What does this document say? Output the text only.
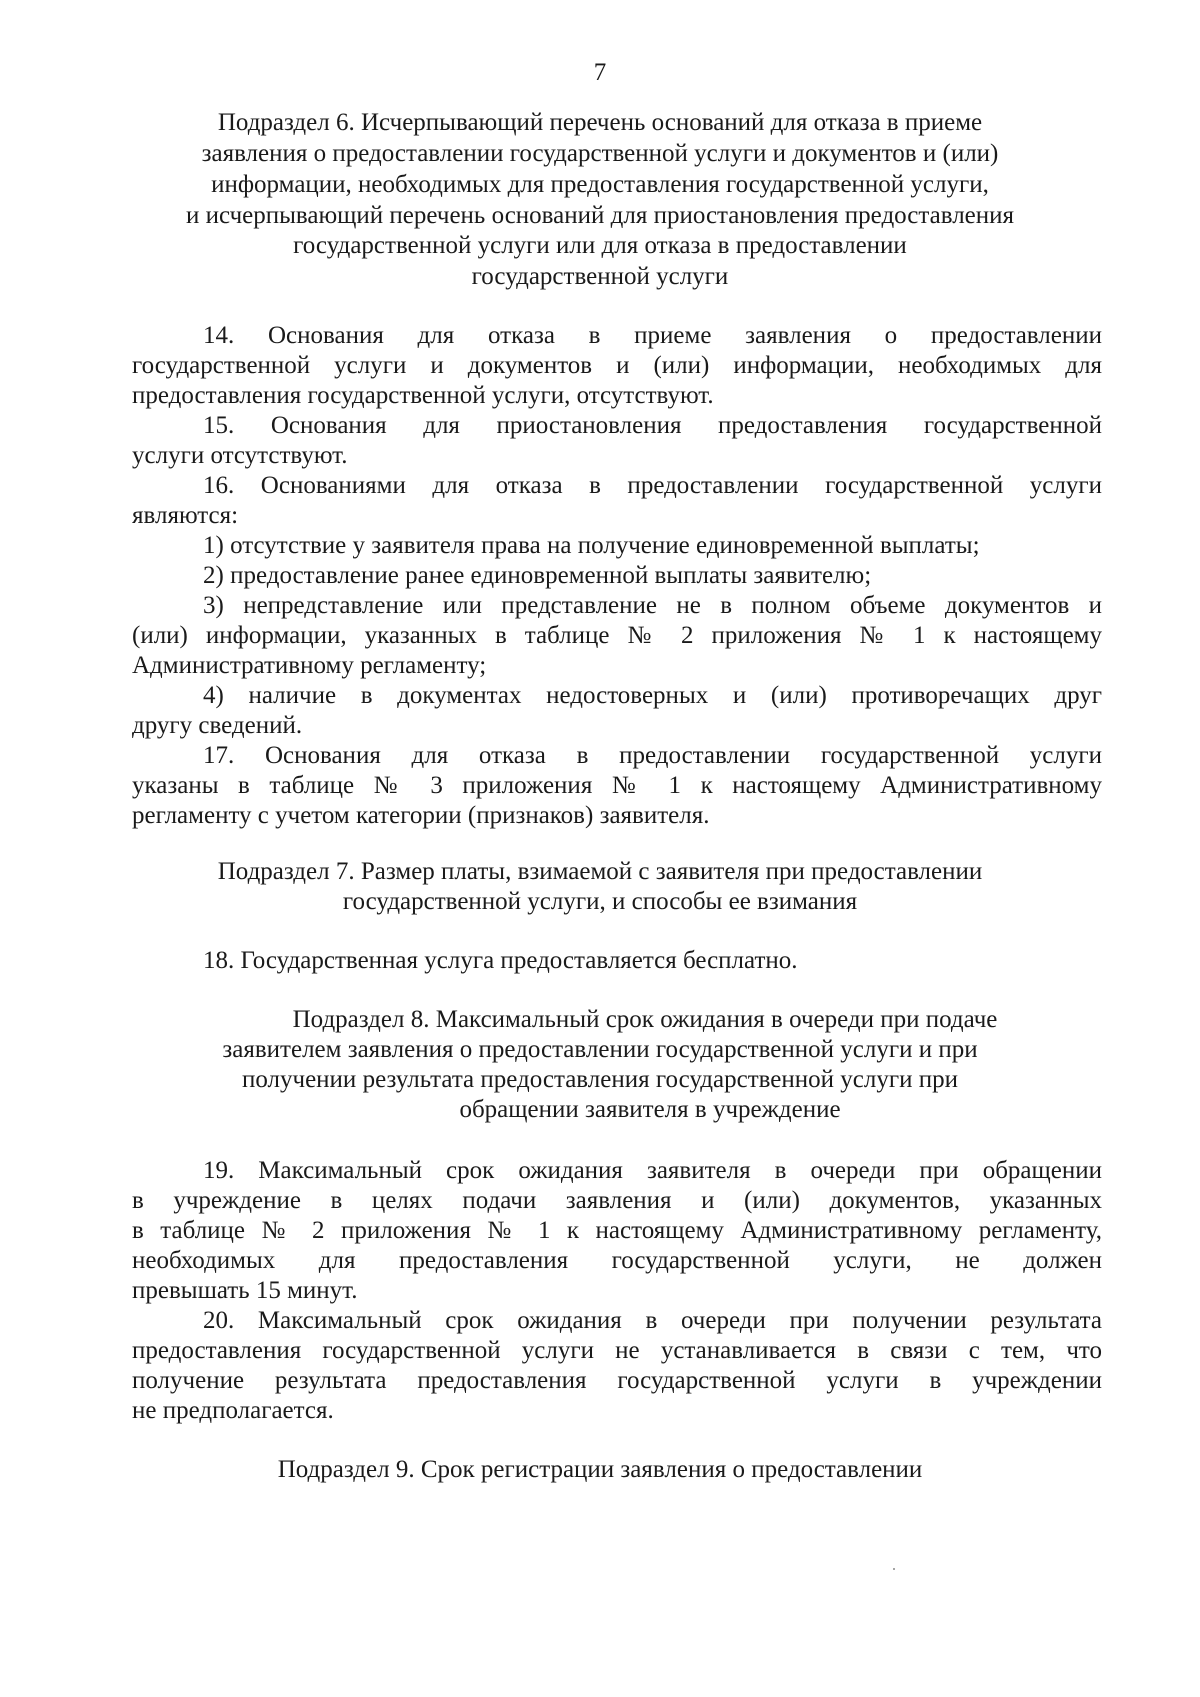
7
Подраздел 6. Исчерпывающий перечень оснований для отказа в приеме
заявления о предоставлении государственной услуги и документов и (или)
информации, необходимых для предоставления государственной услуги,
и исчерпывающий перечень оснований для приостановления предоставления
государственной услуги или для отказа в предоставлении
государственной услуги
14. Основания для отказа в приеме заявления о предоставлении
государственной услуги и документов и (или) информации, необходимых для
предоставления государственной услуги, отсутствуют.
15. Основания для приостановления предоставления государственной
услуги отсутствуют.
16. Основаниями для отказа в предоставлении государственной услуги
являются:
1) отсутствие у заявителя права на получение единовременной выплаты;
2) предоставление ранее единовременной выплаты заявителю;
3) непредставление или представление не в полном объеме документов и
(или) информации, указанных в таблице № 2 приложения № 1 к настоящему
Административному регламенту;
4) наличие в документах недостоверных и (или) противоречащих друг
другу сведений.
17. Основания для отказа в предоставлении государственной услуги
указаны в таблице № 3 приложения № 1 к настоящему Административному
регламенту с учетом категории (признаков) заявителя.
Подраздел 7. Размер платы, взимаемой с заявителя при предоставлении
государственной услуги, и способы ее взимания
18. Государственная услуга предоставляется бесплатно.
Подраздел 8. Максимальный срок ожидания в очереди при подаче
заявителем заявления о предоставлении государственной услуги и при
получении результата предоставления государственной услуги при
обращении заявителя в учреждение
19. Максимальный срок ожидания заявителя в очереди при обращении
в учреждение в целях подачи заявления и (или) документов, указанных
в таблице № 2 приложения № 1 к настоящему Административному регламенту,
необходимых для предоставления государственной услуги, не должен
превышать 15 минут.
20. Максимальный срок ожидания в очереди при получении результата
предоставления государственной услуги не устанавливается в связи с тем, что
получение результата предоставления государственной услуги в учреждении
не предполагается.
Подраздел 9. Срок регистрации заявления о предоставлении
